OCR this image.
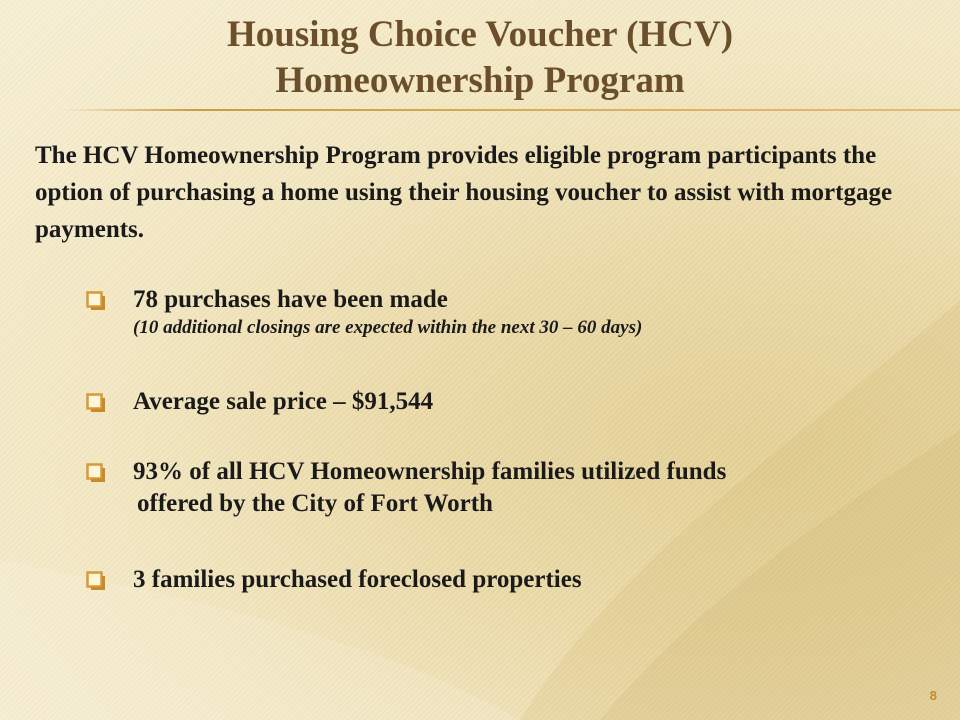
Housing Choice Voucher (HCV)
Homeownership Program
The HCV Homeownership Program provides eligible program participants the option of purchasing a home using their housing voucher to assist with mortgage payments.
78 purchases have been made
(10 additional closings are expected within the next 30 – 60 days)
Average sale price – $91,544
93% of all HCV Homeownership families utilized funds
offered by the City of Fort Worth
3 families purchased foreclosed properties
8
